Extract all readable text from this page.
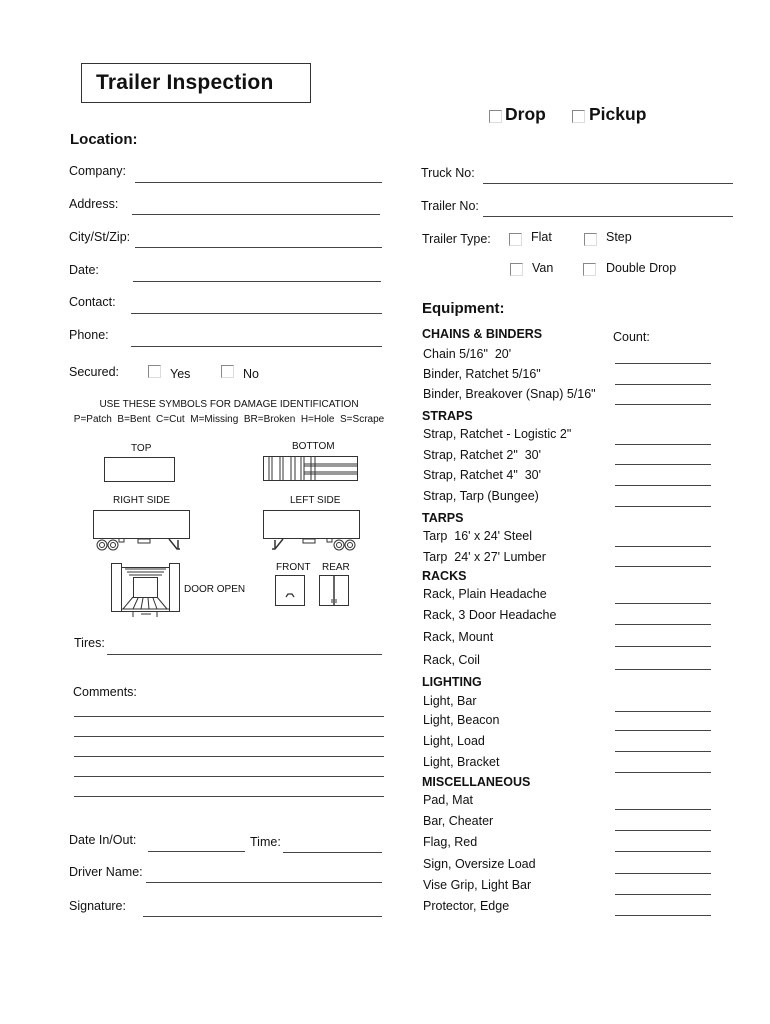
Trailer Inspection
Drop Pickup
Location:
Company:
Address:
City/St/Zip:
Date:
Contact:
Phone:
Secured:	Yes	No
USE THESE SYMBOLS FOR DAMAGE IDENTIFICATION
P=Patch  B=Bent  C=Cut  M=Missing  BR=Broken  H=Hole  S=Scrape
TOP	BOTTOM
RIGHT SIDE	LEFT SIDE
DOOR OPEN
FRONT REAR
Tires:
Comments:
Date In/Out:	Time:
Driver Name:
Signature:
Truck No:
Trailer No:
Trailer Type:	Flat	Step
Van	Double Drop
Equipment:
Count:
CHAINS & BINDERS
Chain 5/16"  20'
Binder, Ratchet 5/16"
Binder, Breakover (Snap) 5/16"
STRAPS
Strap, Ratchet - Logistic 2"
Strap, Ratchet 2"  30'
Strap, Ratchet 4"  30'
Strap, Tarp (Bungee)
TARPS
Tarp  16' x 24' Steel
Tarp  24' x 27' Lumber
RACKS
Rack, Plain Headache
Rack, 3 Door Headache
Rack, Mount
Rack, Coil
LIGHTING
Light, Bar
Light, Beacon
Light, Load
Light, Bracket
MISCELLANEOUS
Pad, Mat
Bar, Cheater
Flag, Red
Sign, Oversize Load
Vise Grip, Light Bar
Protector, Edge
